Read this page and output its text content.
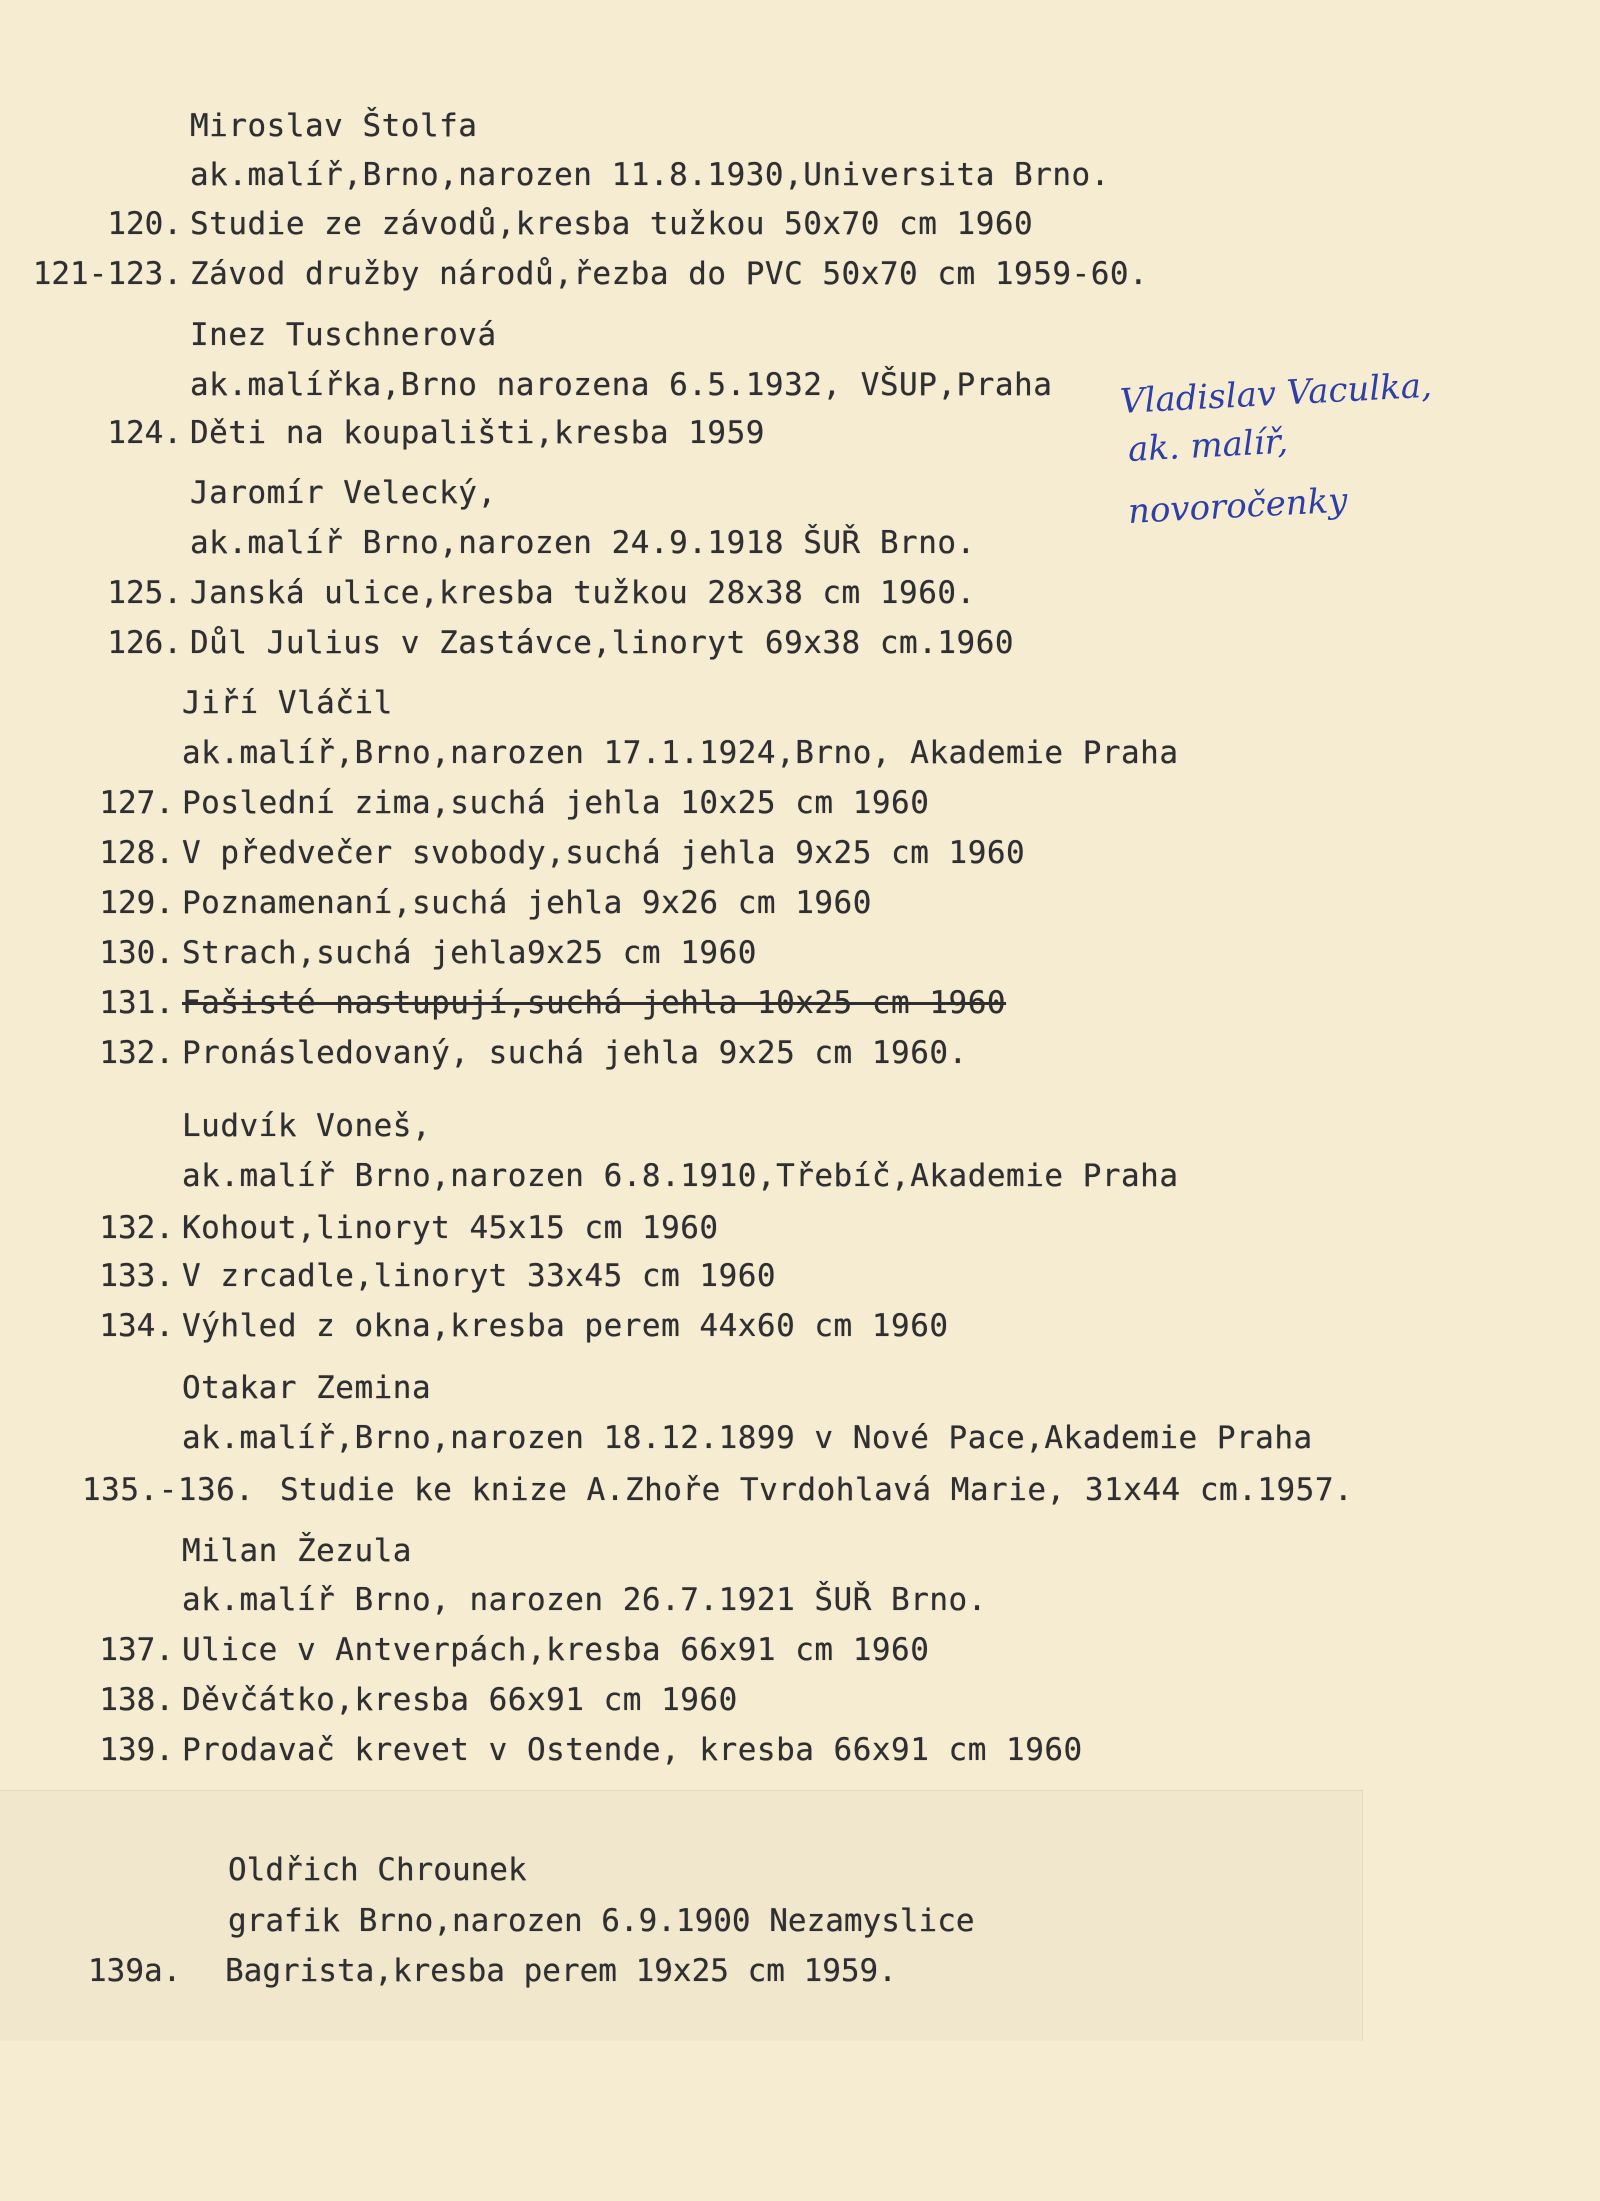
Miroslav Štolfa
ak.malíř,Brno,narozen 11.8.1930,Universita Brno.
120. Studie ze závodů,kresba tužkou 50x70 cm 1960
121-123. Závod družby národů,řezba do PVC 50x70 cm 1959-60.
Inez Tuschnerová
ak.malířka,Brno narozena 6.5.1932, VŠUP,Praha
124. Děti na koupališti,kresba 1959
Jaromír Velecký,
ak.malíř Brno,narozen 24.9.1918 ŠUŘ Brno.
125. Janská ulice,kresba tužkou 28x38 cm 1960.
126. Důl Julius v Zastávce,linoryt 69x38 cm.1960
Jiří Vláčil
ak.malíř,Brno,narozen 17.1.1924,Brno, Akademie Praha
127. Poslední zima,suchá jehla 10x25 cm 1960
128. V předvečer svobody,suchá jehla 9x25 cm 1960
129. Poznamenaní,suchá jehla 9x26 cm 1960
130. Strach,suchá jehla9x25 cm 1960
131. Fašisté nastupují,suchá jehla 10x25 cm 1960
132. Pronásledovaný, suchá jehla 9x25 cm 1960.
Ludvík Voneš,
ak.malíř Brno,narozen 6.8.1910,Třebíč,Akademie Praha
132. Kohout,linoryt 45x15 cm 1960
133. V zrcadle,linoryt 33x45 cm 1960
134. Výhled z okna,kresba perem 44x60 cm 1960
Otakar Zemina
ak.malíř,Brno,narozen 18.12.1899 v Nové Pace,Akademie Praha
135.-136. Studie ke knize A.Zhoře Tvrdohlavá Marie, 31x44 cm.1957.
Milan Žezula
ak.malíř Brno, narozen 26.7.1921 ŠUŘ Brno.
137. Ulice v Antverpách,kresba 66x91 cm 1960
138. Děvčátko,kresba 66x91 cm 1960
139. Prodavač krevet v Ostende, kresba 66x91 cm 1960
Oldřich Chrounek
grafik Brno,narozen 6.9.1900 Nezamyslice
139a. Bagrista,kresba perem 19x25 cm 1959.
Vladislav Vaculka,
ak. malíř,
novoročenky
